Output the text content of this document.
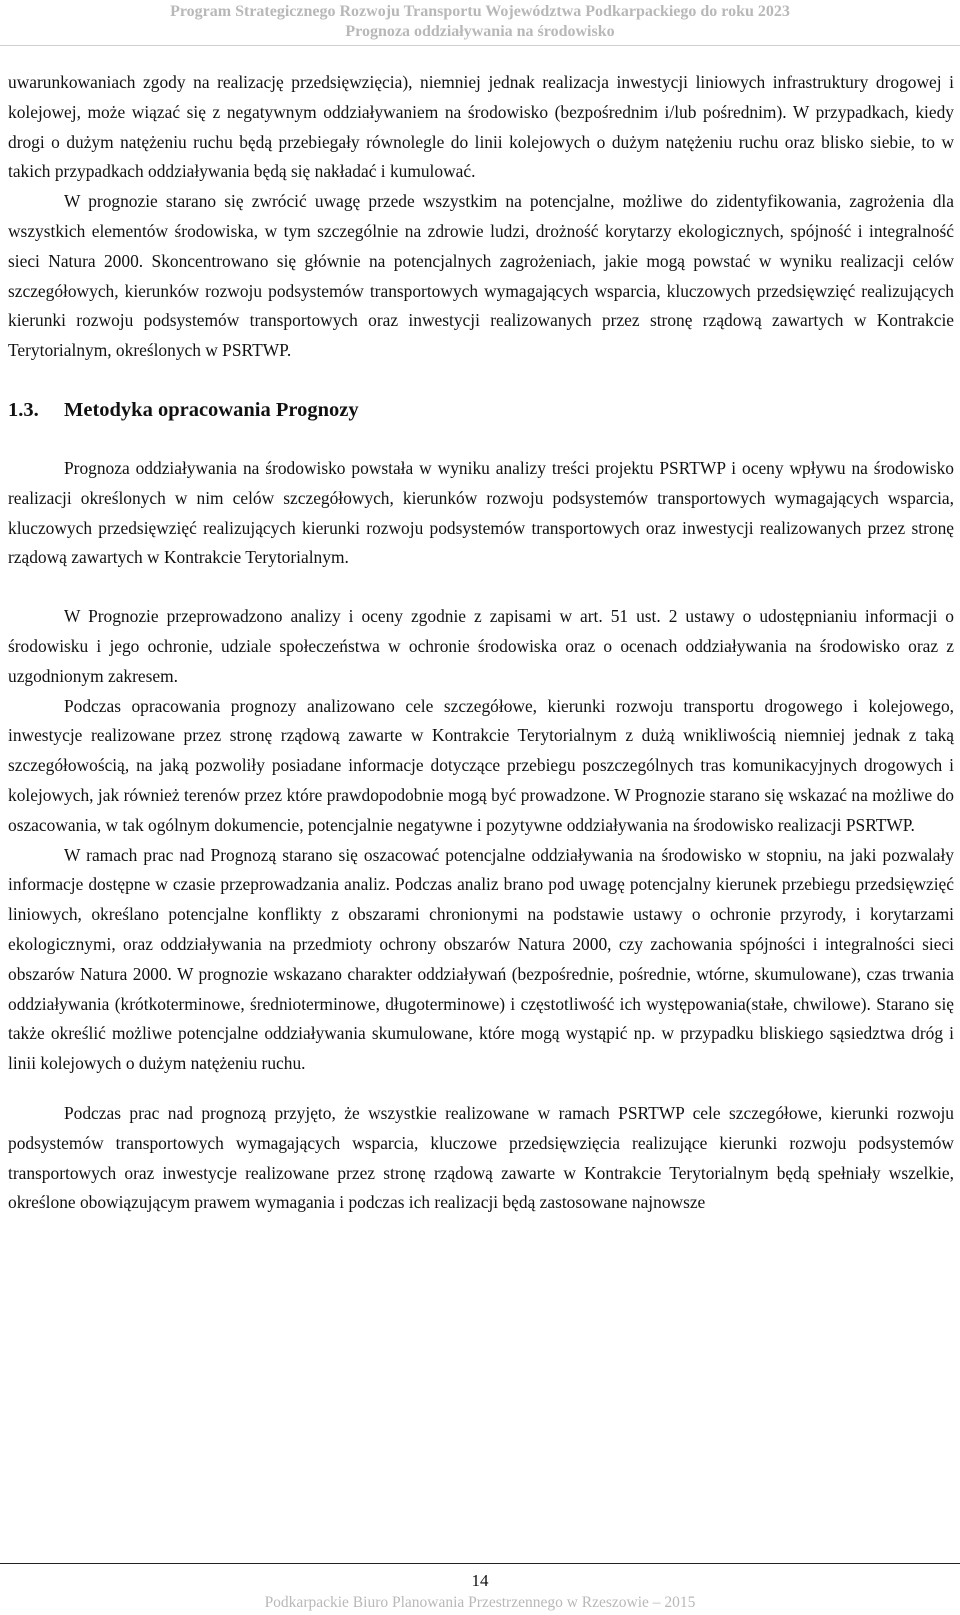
Program Strategicznego Rozwoju Transportu Województwa Podkarpackiego do roku 2023
Prognoza oddziaływania na środowisko

uwarunkowaniach zgody na realizację przedsięwzięcia), niemniej jednak realizacja inwestycji liniowych infrastruktury drogowej i kolejowej, może wiązać się z negatywnym oddziaływaniem na środowisko (bezpośrednim i/lub pośrednim). W przypadkach, kiedy drogi o dużym natężeniu ruchu będą przebiegały równolegle do linii kolejowych o dużym natężeniu ruchu oraz blisko siebie, to w takich przypadkach oddziaływania będą się nakładać i kumulować.

W prognozie starano się zwrócić uwagę przede wszystkim na potencjalne, możliwe do zidentyfikowania, zagrożenia dla wszystkich elementów środowiska, w tym szczególnie na zdrowie ludzi, drożność korytarzy ekologicznych, spójność i integralność sieci Natura 2000. Skoncentrowano się głównie na potencjalnych zagrożeniach, jakie mogą powstać w wyniku realizacji celów szczegółowych, kierunków rozwoju podsystemów transportowych wymagających wsparcia, kluczowych przedsięwzięć realizujących kierunki rozwoju podsystemów transportowych oraz inwestycji realizowanych przez stronę rządową zawartych w Kontrakcie Terytorialnym, określonych w PSRTWP.

1.3.	Metodyka opracowania Prognozy

Prognoza oddziaływania na środowisko powstała w wyniku analizy treści projektu PSRTWP i oceny wpływu na środowisko realizacji określonych w nim celów szczegółowych, kierunków rozwoju podsystemów transportowych wymagających wsparcia, kluczowych przedsięwzięć realizujących kierunki rozwoju podsystemów transportowych oraz inwestycji realizowanych przez stronę rządową zawartych w Kontrakcie Terytorialnym.

W Prognozie przeprowadzono analizy i oceny zgodnie z zapisami w art. 51 ust. 2 ustawy o udostępnianiu informacji o środowisku i jego ochronie, udziale społeczeństwa w ochronie środowiska oraz o ocenach oddziaływania na środowisko oraz z uzgodnionym zakresem.

Podczas opracowania prognozy analizowano cele szczegółowe, kierunki rozwoju transportu drogowego i kolejowego, inwestycje realizowane przez stronę rządową zawarte w Kontrakcie Terytorialnym z dużą wnikliwością niemniej jednak z taką szczegółowością, na jaką pozwoliły posiadane informacje dotyczące przebiegu poszczególnych tras komunikacyjnych drogowych i kolejowych, jak również terenów przez które prawdopodobnie mogą być prowadzone. W Prognozie starano się wskazać na możliwe do oszacowania, w tak ogólnym dokumencie, potencjalnie negatywne i pozytywne oddziaływania na środowisko realizacji PSRTWP.

W ramach prac nad Prognozą starano się oszacować potencjalne oddziaływania na środowisko w stopniu, na jaki pozwalały informacje dostępne w czasie przeprowadzania analiz. Podczas analiz brano pod uwagę potencjalny kierunek przebiegu przedsięwzięć liniowych, określano potencjalne konflikty z obszarami chronionymi na podstawie ustawy o ochronie przyrody, i korytarzami ekologicznymi, oraz oddziaływania na przedmioty ochrony obszarów Natura 2000, czy zachowania spójności i integralności sieci obszarów Natura 2000. W prognozie wskazano charakter oddziaływań (bezpośrednie, pośrednie, wtórne, skumulowane), czas trwania oddziaływania (krótkoterminowe, średnioterminowe, długoterminowe) i częstotliwość ich występowania(stałe, chwilowe). Starano się także określić możliwe potencjalne oddziaływania skumulowane, które mogą wystąpić np. w przypadku bliskiego sąsiedztwa dróg i linii kolejowych o dużym natężeniu ruchu.

Podczas prac nad prognozą przyjęto, że wszystkie realizowane w ramach PSRTWP cele szczegółowe, kierunki rozwoju podsystemów transportowych wymagających wsparcia, kluczowe przedsięwzięcia realizujące kierunki rozwoju podsystemów transportowych oraz inwestycje realizowane przez stronę rządową zawarte w Kontrakcie Terytorialnym będą spełniały wszelkie, określone obowiązującym prawem wymagania i podczas ich realizacji będą zastosowane najnowsze

14
Podkarpackie Biuro Planowania Przestrzennego w Rzeszowie – 2015
